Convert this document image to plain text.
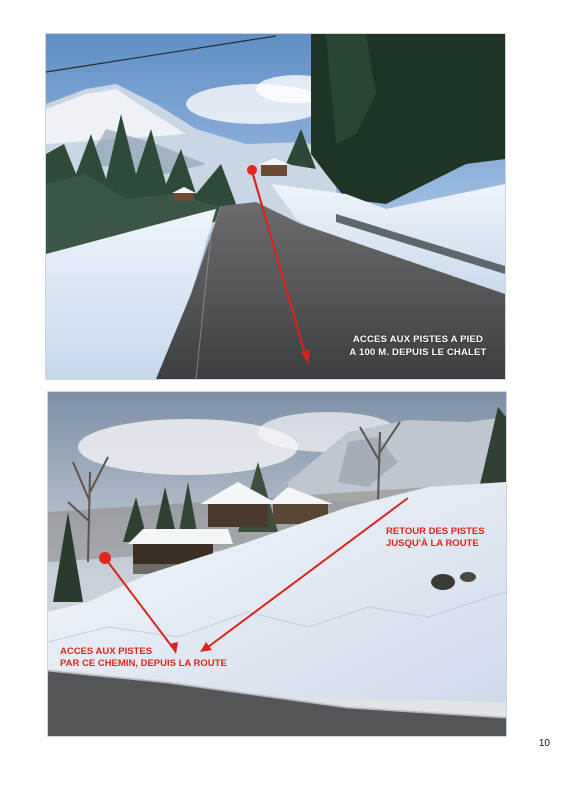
ACCES AUX PISTES A PIED
A 100 M. DEPUIS LE CHALET

RETOUR DES PISTES
JUSQU'À LA ROUTE

ACCES AUX PISTES
PAR CE CHEMIN, DEPUIS LA ROUTE

10
